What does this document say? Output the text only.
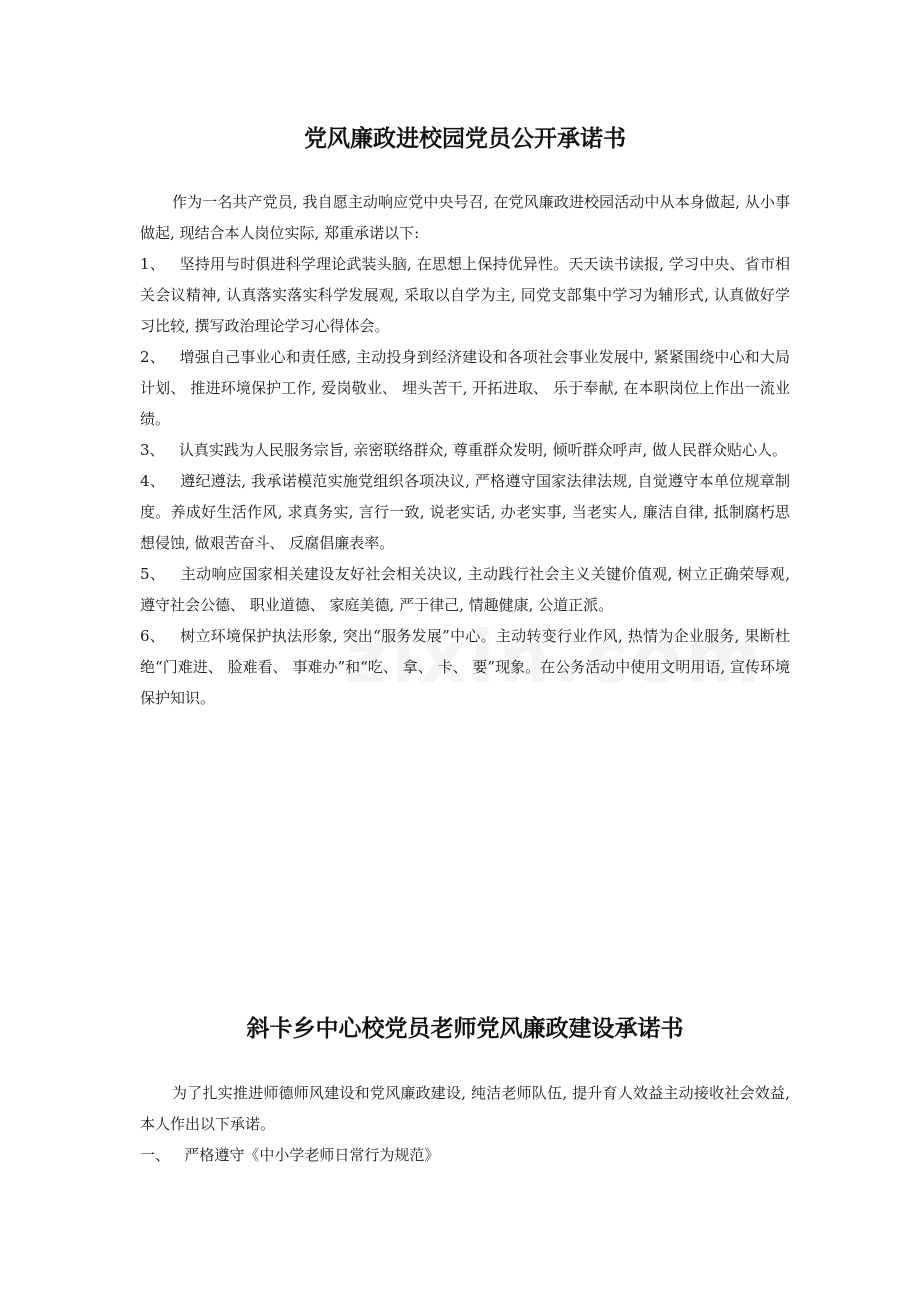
党风廉政进校园党员公开承诺书

作为一名共产党员, 我自愿主动响应党中央号召, 在党风廉政进校园活动中从本身做起, 从小事做起, 现结合本人岗位实际, 郑重承诺以下:

1、 坚持用与时俱进科学理论武装头脑, 在思想上保持优异性。天天读书读报, 学习中央、省市相关会议精神, 认真落实落实科学发展观, 采取以自学为主, 同党支部集中学习为辅形式, 认真做好学习比较, 撰写政治理论学习心得体会。

2、 增强自己事业心和责任感, 主动投身到经济建设和各项社会事业发展中, 紧紧围绕中心和大局计划、 推进环境保护工作, 爱岗敬业、 埋头苦干, 开拓进取、 乐于奉献, 在本职岗位上作出一流业绩。

3、 认真实践为人民服务宗旨, 亲密联络群众, 尊重群众发明, 倾听群众呼声, 做人民群众贴心人。

4、 遵纪遵法, 我承诺模范实施党组织各项决议, 严格遵守国家法律法规, 自觉遵守本单位规章制度。养成好生活作风, 求真务实, 言行一致, 说老实话, 办老实事, 当老实人, 廉洁自律, 抵制腐朽思想侵蚀, 做艰苦奋斗、 反腐倡廉表率。

5、 主动响应国家相关建设友好社会相关决议, 主动践行社会主义关键价值观, 树立正确荣辱观, 遵守社会公德、 职业道德、 家庭美德, 严于律己, 情趣健康, 公道正派。

6、 树立环境保护执法形象, 突出“服务发展”中心。主动转变行业作风, 热情为企业服务, 果断杜绝“门难进、 脸难看、 事难办”和“吃、 拿、 卡、 要”现象。在公务活动中使用文明用语, 宣传环境保护知识。

斜卡乡中心校党员老师党风廉政建设承诺书

为了扎实推进师德师风建设和党风廉政建设, 纯洁老师队伍, 提升育人效益主动接收社会效益, 本人作出以下承诺。

一、 严格遵守《中小学老师日常行为规范》
